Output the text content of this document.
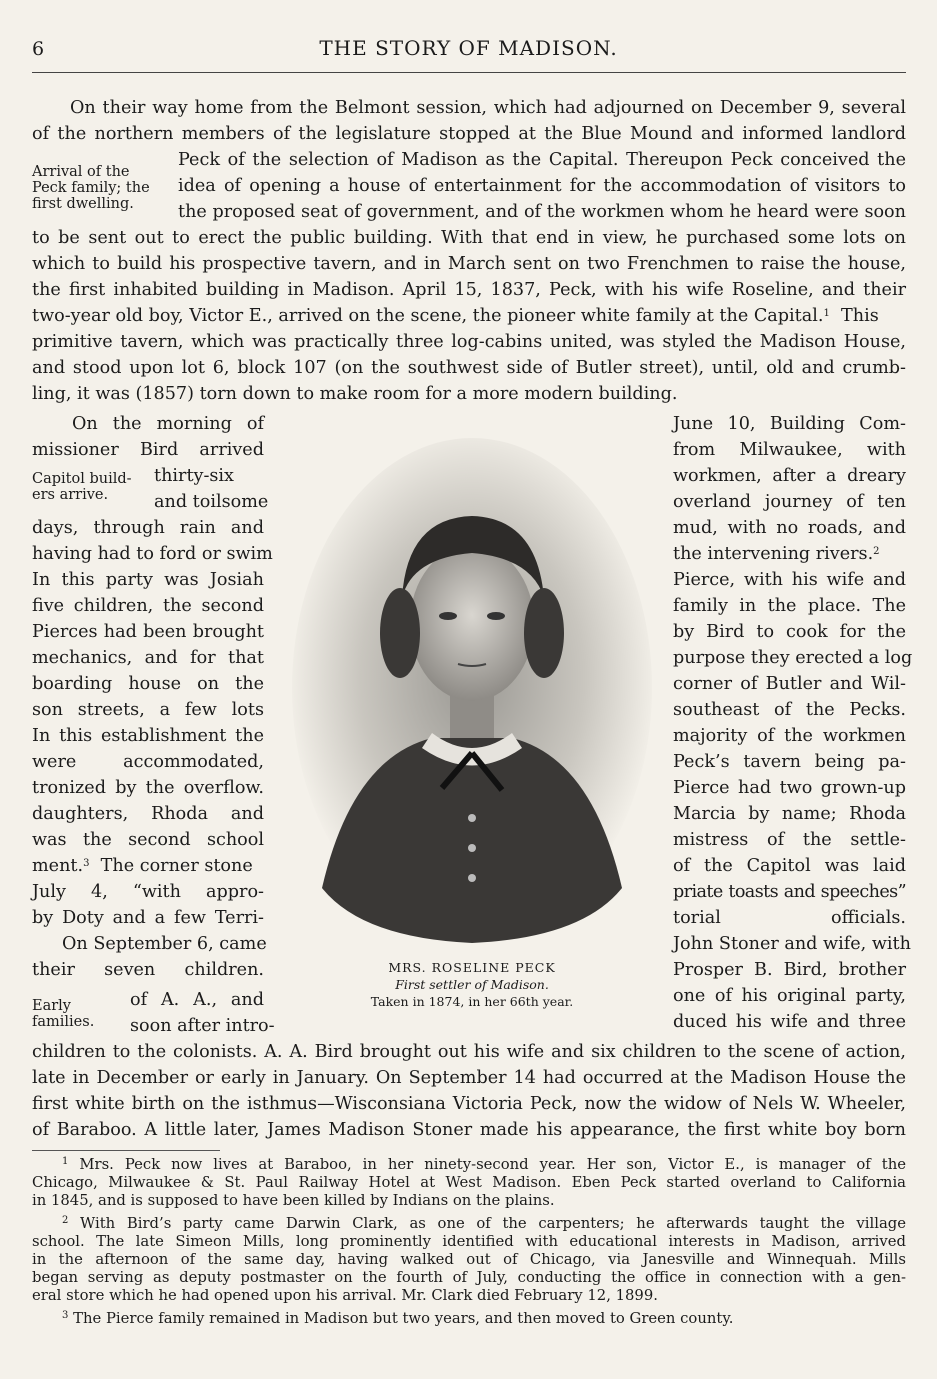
6	THE STORY OF MADISON.
On their way home from the Belmont session, which had adjourned on December 9, several
of the northern members of the legislature stopped at the Blue Mound and informed landlord
Peck of the selection of Madison as the Capital. Thereupon Peck conceived the
idea of opening a house of entertainment for the accommodation of visitors to
the proposed seat of government, and of the workmen whom he heard were soon
Arrival of the
Peck family; the
first dwelling.
to be sent out to erect the public building. With that end in view, he purchased some lots on
which to build his prospective tavern, and in March sent on two Frenchmen to raise the house,
the first inhabited building in Madison. April 15, 1837, Peck, with his wife Roseline, and their
two-year old boy, Victor E., arrived on the scene, the pioneer white family at the Capital.$^1$ This
primitive tavern, which was practically three log-cabins united, was styled the Madison House,
and stood upon lot 6, block 107 (on the southwest side of Butler street), until, old and crumb-
ling, it was (1857) torn down to make room for a more modern building.
On the morning of
missioner Bird arrived
Capitol build-
ers arrive.
thirty-six
and toilsome
days, through rain and
having had to ford or swim
In this party was Josiah
five children, the second
Pierces had been brought
mechanics, and for that
boarding house on the
son streets, a few lots
In this establishment the
were accommodated,
tronized by the overflow.
daughters, Rhoda and
was the second school
ment.$^3$ The corner stone
July 4, “with appro-
by Doty and a few Terri-
On September 6, came
their seven children.
Early
families.
of A. A., and
soon after intro-
MRS. ROSELINE PECK
First settler of Madison.
Taken in 1874, in her 66th year.
June 10, Building Com-
from Milwaukee, with
workmen, after a dreary
overland journey of ten
mud, with no roads, and
the intervening rivers.$^2$
Pierce, with his wife and
family in the place. The
by Bird to cook for the
purpose they erected a log
corner of Butler and Wil-
southeast of the Pecks.
majority of the workmen
Peck’s tavern being pa-
Pierce had two grown-up
Marcia by name; Rhoda
mistress of the settle-
of the Capitol was laid
priate toasts and speeches”
torial officials.
John Stoner and wife, with
Prosper B. Bird, brother
one of his original party,
duced his wife and three
children to the colonists. A. A. Bird brought out his wife and six children to the scene of action,
late in December or early in January. On September 14 had occurred at the Madison House the
first white birth on the isthmus—Wisconsiana Victoria Peck, now the widow of Nels W. Wheeler,
of Baraboo. A little later, James Madison Stoner made his appearance, the first white boy born
$^1$ Mrs. Peck now lives at Baraboo, in her ninety-second year. Her son, Victor E., is manager of the
Chicago, Milwaukee & St. Paul Railway Hotel at West Madison. Eben Peck started overland to California
in 1845, and is supposed to have been killed by Indians on the plains.
$^2$ With Bird’s party came Darwin Clark, as one of the carpenters; he afterwards taught the village
school. The late Simeon Mills, long prominently identified with educational interests in Madison, arrived
in the afternoon of the same day, having walked out of Chicago, via Janesville and Winnequah. Mills
began serving as deputy postmaster on the fourth of July, conducting the office in connection with a gen-
eral store which he had opened upon his arrival. Mr. Clark died February 12, 1899.
$^3$ The Pierce family remained in Madison but two years, and then moved to Green county.
